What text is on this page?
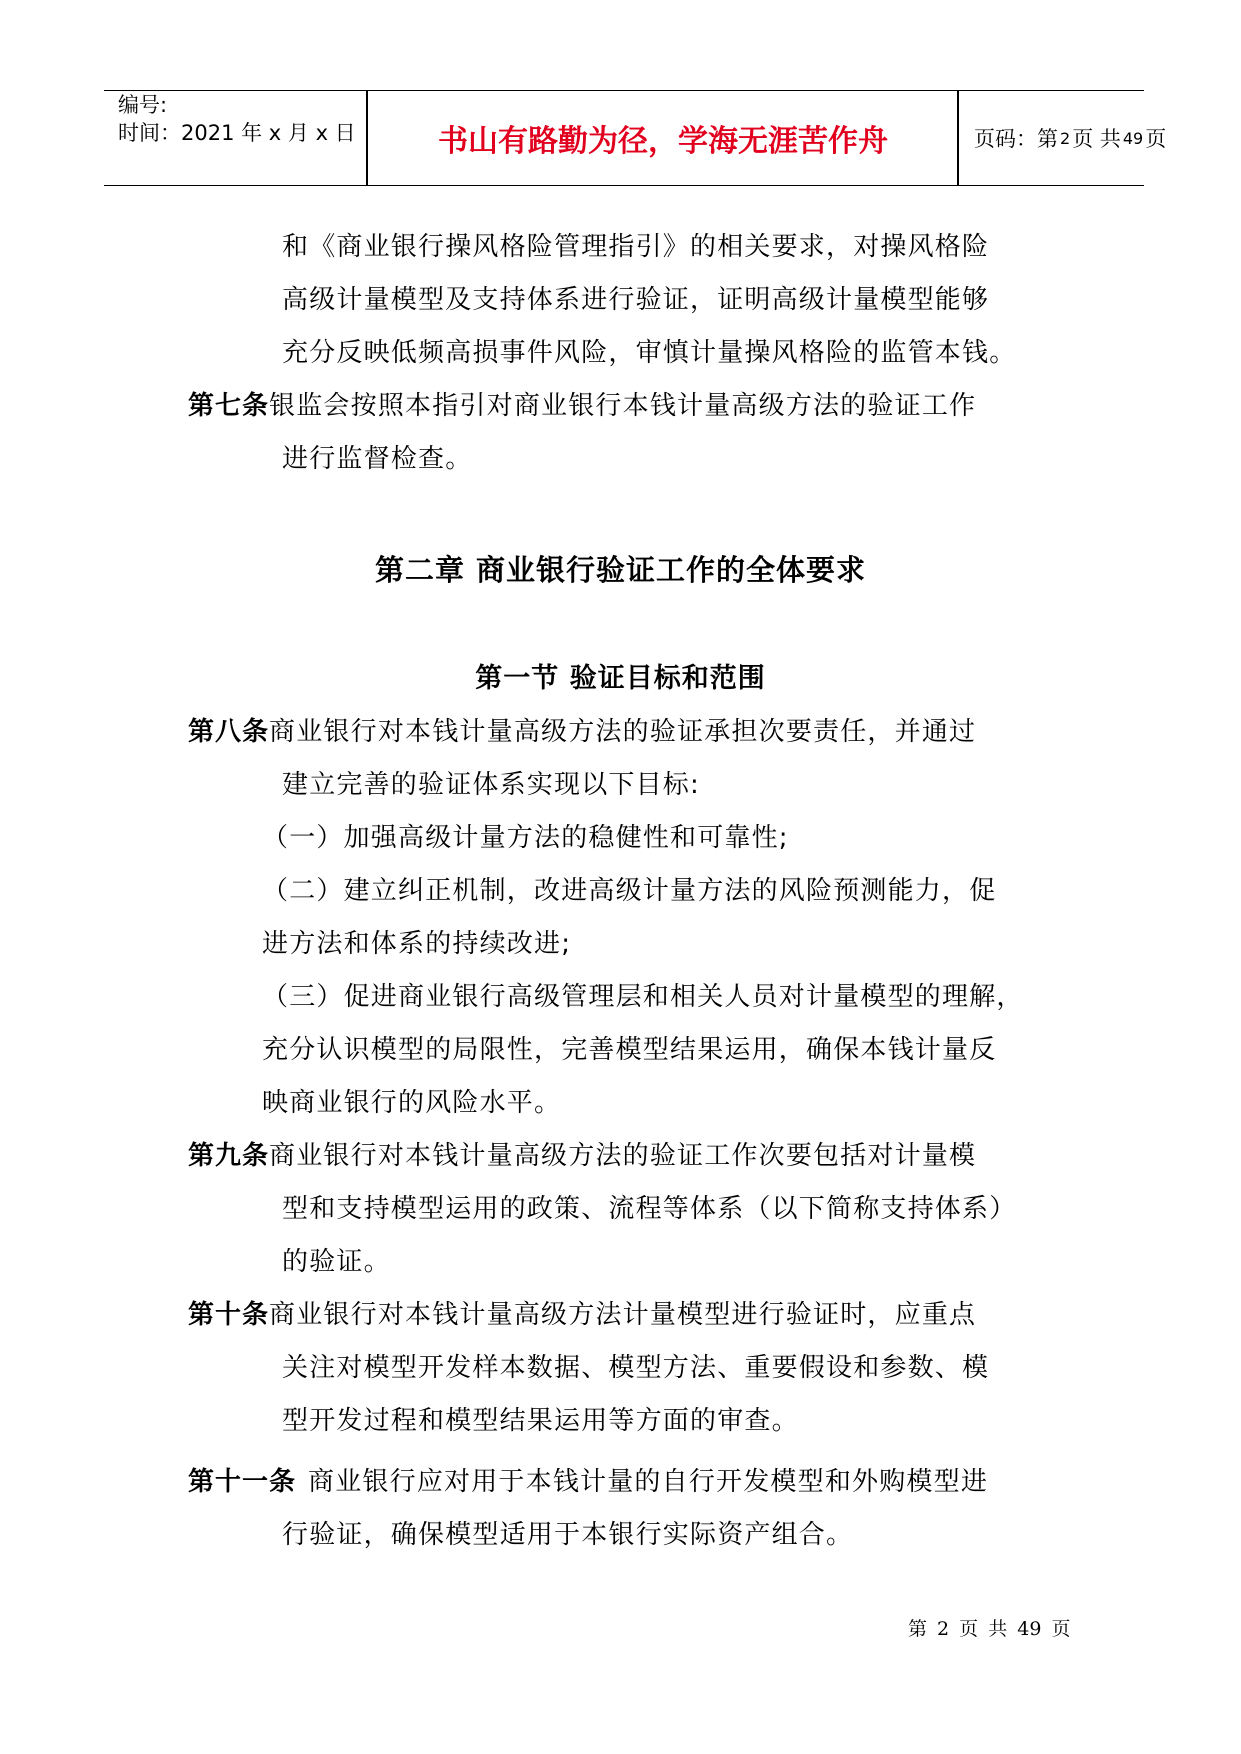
编号:
时间：2021 年 x 月 x 日	书山有路勤为径，学海无涯苦作舟	页码：第 2 页 共 49 页
和《商业银行操风格险管理指引》的相关要求，对操风格险
高级计量模型及支持体系进行验证，证明高级计量模型能够
充分反映低频高损事件风险，审慎计量操风格险的监管本钱。
第七条银监会按照本指引对商业银行本钱计量高级方法的验证工作
进行监督检查。
第二章 商业银行验证工作的全体要求
第一节 验证目标和范围
第八条商业银行对本钱计量高级方法的验证承担次要责任，并通过
建立完善的验证体系实现以下目标:
（一）加强高级计量方法的稳健性和可靠性;
（二）建立纠正机制，改进高级计量方法的风险预测能力，促
进方法和体系的持续改进;
（三）促进商业银行高级管理层和相关人员对计量模型的理解，
充分认识模型的局限性，完善模型结果运用，确保本钱计量反
映商业银行的风险水平。
第九条商业银行对本钱计量高级方法的验证工作次要包括对计量模
型和支持模型运用的政策、流程等体系（以下简称支持体系）
的验证。
第十条商业银行对本钱计量高级方法计量模型进行验证时，应重点
关注对模型开发样本数据、模型方法、重要假设和参数、模
型开发过程和模型结果运用等方面的审查。
第十一条 商业银行应对用于本钱计量的自行开发模型和外购模型进
行验证，确保模型适用于本银行实际资产组合。
第 2 页 共 49 页
